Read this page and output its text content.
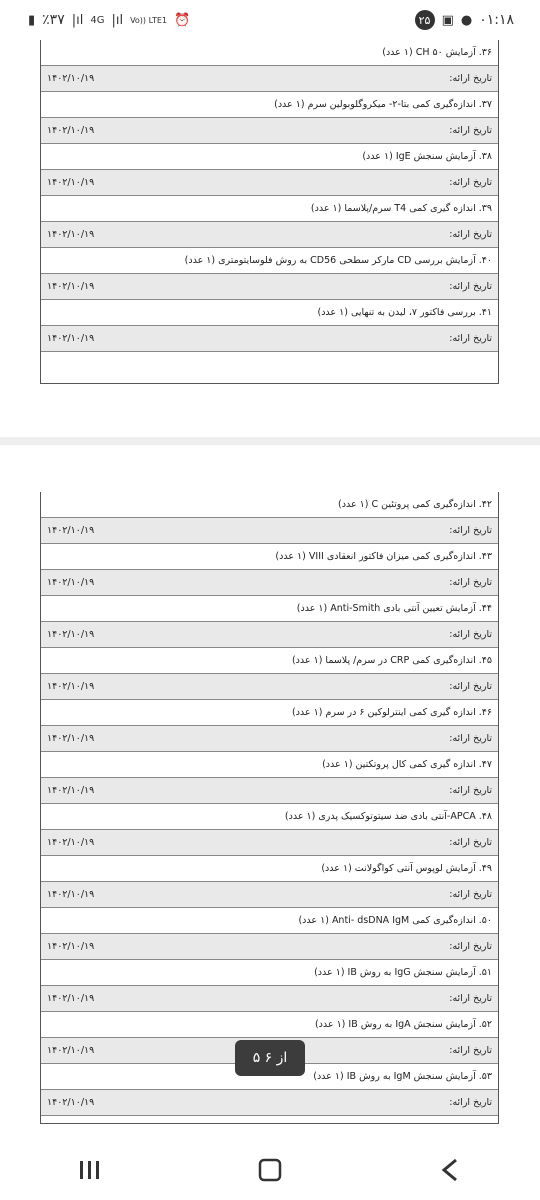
▮ ٪۳۷ |ıl 4G |ıl Vo)) LTE1 ⏰	۲۵ ▣ ● ۰۱:۱۸
۳۶. آزمایش ۵۰ CH (۱ عدد)
۱۴۰۲/۱۰/۱۹	تاریخ ارائه:
۳۷. اندازه‌گیری کمی بتا-۲- میکروگلوبولین سرم (۱ عدد)
۱۴۰۲/۱۰/۱۹	تاریخ ارائه:
۳۸. آزمایش سنجش IgE (۱ عدد)
۱۴۰۲/۱۰/۱۹	تاریخ ارائه:
۳۹. اندازه گیری کمی T4 سرم/پلاسما (۱ عدد)
۱۴۰۲/۱۰/۱۹	تاریخ ارائه:
۴۰. آزمایش بررسی CD مارکر سطحی CD56 به روش فلوسایتومتری (۱ عدد)
۱۴۰۲/۱۰/۱۹	تاریخ ارائه:
۴۱. بررسی فاکتور ۷، لیدن به تنهایی (۱ عدد)
۱۴۰۲/۱۰/۱۹	تاریخ ارائه:
۴۲. اندازه‌گیری کمی پروتئین C (۱ عدد)
۱۴۰۲/۱۰/۱۹	تاریخ ارائه:
۴۳. اندازه‌گیری کمی میزان فاکتور انعقادی VIII (۱ عدد)
۱۴۰۲/۱۰/۱۹	تاریخ ارائه:
۴۴. آزمایش تعیین آنتی بادی Anti-Smith (۱ عدد)
۱۴۰۲/۱۰/۱۹	تاریخ ارائه:
۴۵. اندازه‌گیری کمی CRP در سرم/ پلاسما (۱ عدد)
۱۴۰۲/۱۰/۱۹	تاریخ ارائه:
۴۶. اندازه گیری کمی اینترلوکین ۶ در سرم (۱ عدد)
۱۴۰۲/۱۰/۱۹	تاریخ ارائه:
۴۷. اندازه گیری کمی کال پروتکتین (۱ عدد)
۱۴۰۲/۱۰/۱۹	تاریخ ارائه:
۴۸. APCA-آنتی بادی ضد سیتوتوکسیک پدری (۱ عدد)
۱۴۰۲/۱۰/۱۹	تاریخ ارائه:
۴۹. آزمایش لوپوس آنتی کواگولانت (۱ عدد)
۱۴۰۲/۱۰/۱۹	تاریخ ارائه:
۵۰. اندازه‌گیری کمی Anti- dsDNA IgM (۱ عدد)
۱۴۰۲/۱۰/۱۹	تاریخ ارائه:
۵۱. آزمایش سنجش IgG به روش IB (۱ عدد)
۱۴۰۲/۱۰/۱۹	تاریخ ارائه:
۵۲. آزمایش سنجش IgA به روش IB (۱ عدد)
۱۴۰۲/۱۰/۱۹	تاریخ ارائه:
۵۳. آزمایش سنجش IgM به روش IB (۱ عدد)
۱۴۰۲/۱۰/۱۹	تاریخ ارائه:
۵ از ۶
